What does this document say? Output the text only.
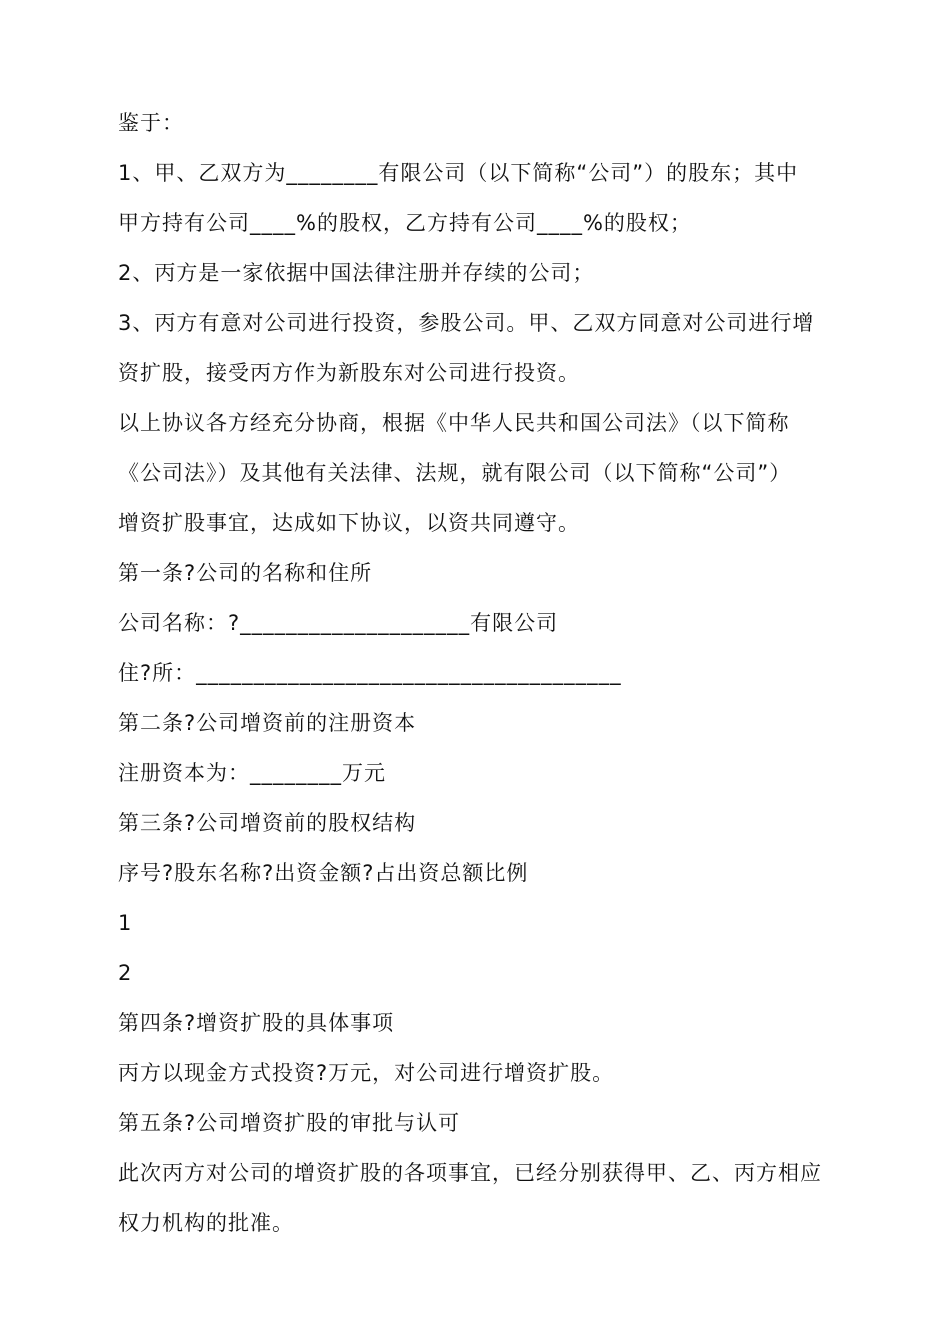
鉴于：

1、甲、乙双方为________有限公司（以下简称“公司”）的股东；其中

甲方持有公司____%的股权，乙方持有公司____%的股权；

2、丙方是一家依据中国法律注册并存续的公司；

3、丙方有意对公司进行投资，参股公司。甲、乙双方同意对公司进行增

资扩股，接受丙方作为新股东对公司进行投资。

以上协议各方经充分协商，根据《中华人民共和国公司法》（以下简称

《公司法》）及其他有关法律、法规，就有限公司（以下简称“公司”）

增资扩股事宜，达成如下协议，以资共同遵守。

第一条?公司的名称和住所

公司名称：?____________________有限公司

住?所：_____________________________________

第二条?公司增资前的注册资本

注册资本为：________万元

第三条?公司增资前的股权结构

序号?股东名称?出资金额?占出资总额比例

1

2

第四条?增资扩股的具体事项

丙方以现金方式投资?万元，对公司进行增资扩股。

第五条?公司增资扩股的审批与认可

此次丙方对公司的增资扩股的各项事宜，已经分别获得甲、乙、丙方相应

权力机构的批准。
